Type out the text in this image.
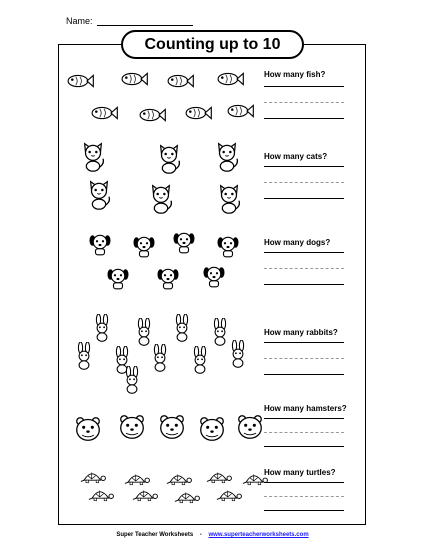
Name:
Counting up to 10
How many fish?
How many cats?
How many dogs?
How many rabbits?
How many hamsters?
How many turtles?
Super Teacher Worksheets - www.superteacherworksheets.com
